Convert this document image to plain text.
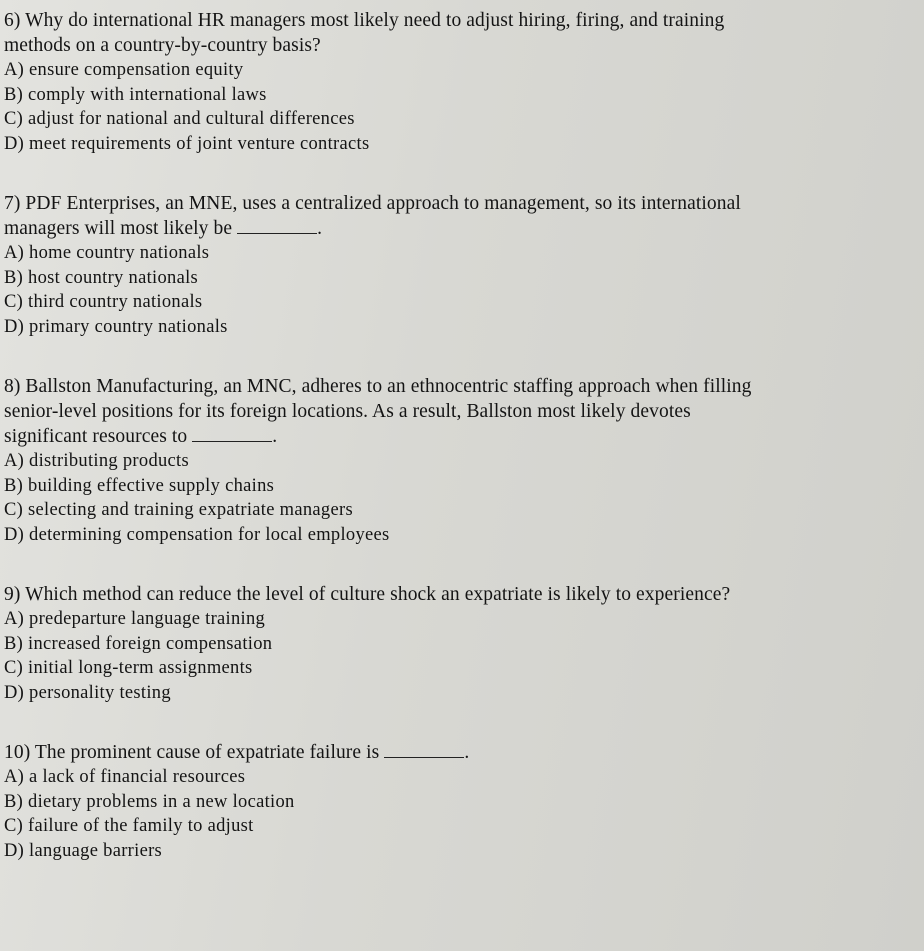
6) Why do international HR managers most likely need to adjust hiring, firing, and training

methods on a country-by-country basis?

A) ensure compensation equity
B) comply with international laws
C) adjust for national and cultural differences
D) meet requirements of joint venture contracts

7) PDF Enterprises, an MNE, uses a centralized approach to management, so its international

managers will most likely be	.

A) home country nationals
B) host country nationals
C) third country nationals
D) primary country nationals

8) Ballston Manufacturing, an MNC, adheres to an ethnocentric staffing approach when filling

senior-level positions for its foreign locations. As a result, Ballston most likely devotes

significant resources to	.

A) distributing products
B) building effective supply chains
C) selecting and training expatriate managers
D) determining compensation for local employees

9) Which method can reduce the level of culture shock an expatriate is likely to experience?

A) predeparture language training
B) increased foreign compensation
C) initial long-term assignments
D) personality testing

10) The prominent cause of expatriate failure is	.

A) a lack of financial resources
B) dietary problems in a new location
C) failure of the family to adjust
D) language barriers
